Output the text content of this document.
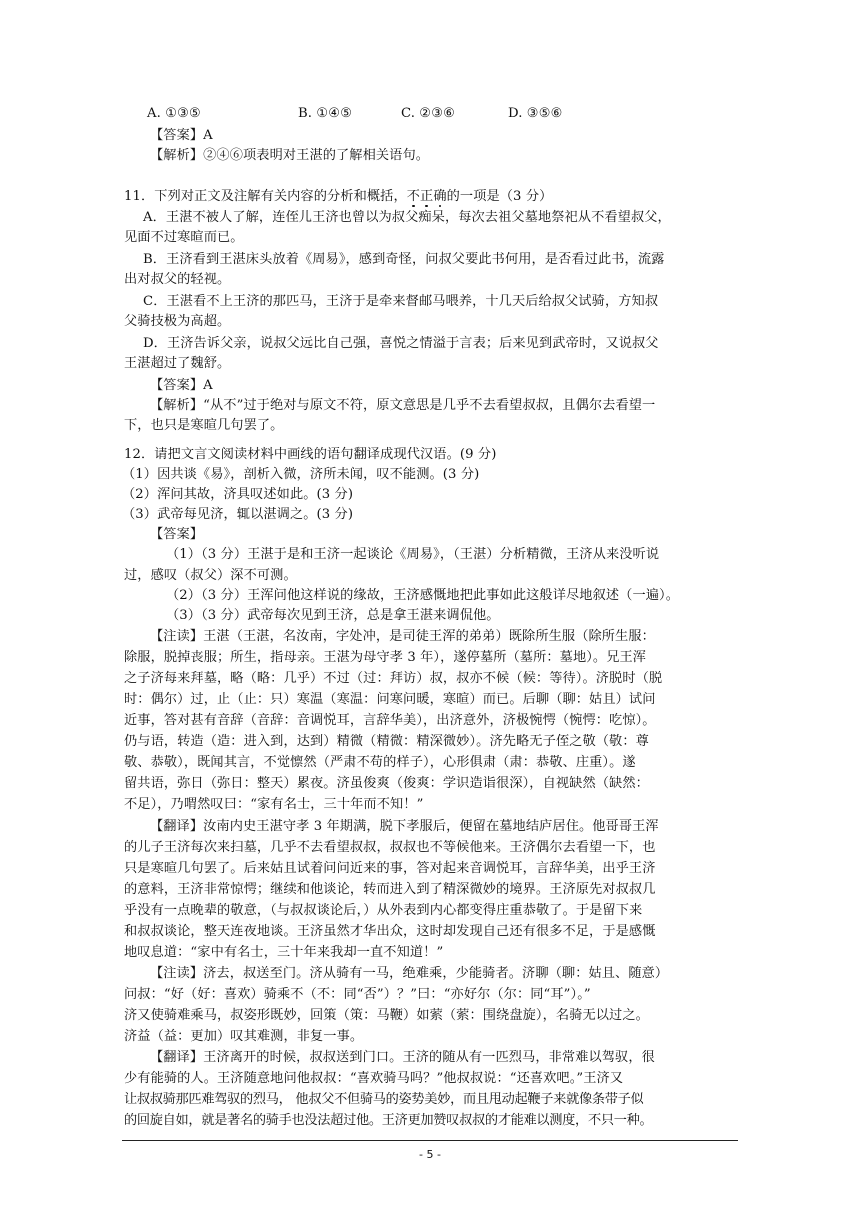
A. ①③⑤	B. ①④⑤	C. ②③⑥	D. ③⑤⑥
【答案】A
【解析】②④⑥项表明对王湛的了解相关语句。
11．下列对正文及注解有关内容的分析和概括，不正确的一项是（3 分）
A．王湛不被人了解，连侄儿王济也曾以为叔父痴呆，每次去祖父墓地祭祀从不看望叔父，
见面不过寒暄而已。
B．王济看到王湛床头放着《周易》，感到奇怪，问叔父要此书何用，是否看过此书，流露
出对叔父的轻视。
C．王湛看不上王济的那匹马，王济于是牵来督邮马喂养，十几天后给叔父试骑，方知叔
父骑技极为高超。
D．王济告诉父亲，说叔父远比自己强，喜悦之情溢于言表；后来见到武帝时，又说叔父
王湛超过了魏舒。
【答案】A
【解析】“从不”过于绝对与原文不符，原文意思是几乎不去看望叔叔，且偶尔去看望一
下，也只是寒暄几句罢了。
12．请把文言文阅读材料中画线的语句翻译成现代汉语。(9 分)
（1）因共谈《易》，剖析入微，济所未闻，叹不能测。(3 分)
（2）浑问其故，济具叹述如此。(3 分)
（3）武帝每见济，辄以湛调之。(3 分)
【答案】
（1）（3 分）王湛于是和王济一起谈论《周易》，（王湛）分析精微，王济从来没听说
过，感叹（叔父）深不可测。
（2）（3 分）王浑问他这样说的缘故，王济感慨地把此事如此这般详尽地叙述（一遍）。
（3）（3 分）武帝每次见到王济，总是拿王湛来调侃他。
【注读】王湛（王湛，名汝南，字处冲，是司徒王浑的弟弟）既除所生服（除所生服：
除服，脱掉丧服；所生，指母亲。王湛为母守孝 3 年），遂停墓所（墓所：墓地）。兄王浑
之子济每来拜墓，略（略：几乎）不过（过：拜访）叔，叔亦不候（候：等待）。济脱时（脱
时：偶尔）过，止（止：只）寒温（寒温：问寒问暖，寒暄）而已。后聊（聊：姑且）试问
近事，答对甚有音辞（音辞：音调悦耳，言辞华美），出济意外，济极惋愕（惋愕：吃惊）。
仍与语，转造（造：进入到，达到）精微（精微：精深微妙）。济先略无子侄之敬（敬：尊
敬、恭敬），既闻其言，不觉懔然（严肃不苟的样子），心形俱肃（肃：恭敬、庄重）。遂
留共语，弥日（弥日：整天）累夜。济虽俊爽（俊爽：学识造诣很深），自视缺然（缺然：
不足），乃喟然叹曰：“家有名士，三十年而不知！”
【翻译】汝南内史王湛守孝 3 年期满，脱下孝服后，便留在墓地结庐居住。他哥哥王浑
的儿子王济每次来扫墓，几乎不去看望叔叔，叔叔也不等候他来。王济偶尔去看望一下，也
只是寒暄几句罢了。后来姑且试着问问近来的事，答对起来音调悦耳，言辞华美，出乎王济
的意料，王济非常惊愕；继续和他谈论，转而进入到了精深微妙的境界。王济原先对叔叔几
乎没有一点晚辈的敬意，（与叔叔谈论后，）从外表到内心都变得庄重恭敬了。于是留下来
和叔叔谈论，整天连夜地谈。王济虽然才华出众，这时却发现自己还有很多不足，于是感慨
地叹息道：“家中有名士，三十年来我却一直不知道！”
【注读】济去，叔送至门。济从骑有一马，绝难乘，少能骑者。济聊（聊：姑且、随意）
问叔：“好（好：喜欢）骑乘不（不：同“否”）？”曰：“亦好尔（尔：同“耳”）。”
济又使骑难乘马，叔姿形既妙，回策（策：马鞭）如萦（萦：围绕盘旋），名骑无以过之。
济益（益：更加）叹其难测，非复一事。
【翻译】王济离开的时候，叔叔送到门口。王济的随从有一匹烈马，非常难以驾驭，很
少有能骑的人。王济随意地问他叔叔：“喜欢骑马吗？”他叔叔说：“还喜欢吧。”王济又
让叔叔骑那匹难驾驭的烈马， 他叔父不但骑马的姿势美妙，而且甩动起鞭子来就像条带子似
的回旋自如，就是著名的骑手也没法超过他。王济更加赞叹叔叔的才能难以测度，不只一种。
- 5 -
